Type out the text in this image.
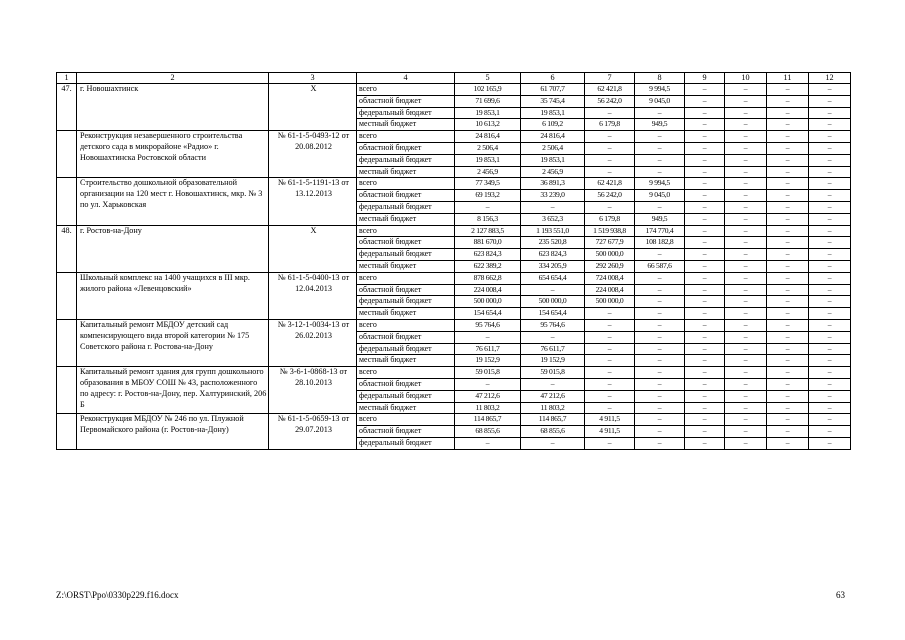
1	2	3	4	5	6	7	8	9	10	11	12
47.	г. Новошахтинск	Х	всего	102 165,9	61 707,7	62 421,8	9 994,5	–	–	–	–
			областной бюджет	71 699,6	35 745,4	56 242,0	9 045,0	–	–	–	–
			федеральный бюджет	19 853,1	19 853,1	–	–	–	–	–	–
			местный бюджет	10 613,2	6 109,2	6 179,8	949,5	–	–	–	–
	Реконструкция незавершенного строительства детского сада в микрорайоне «Радио» г. Новошахтинска Ростовской области	№ 61-1-5-0493-12 от 20.08.2012	всего	24 816,4	24 816,4	–	–	–	–	–	–
			областной бюджет	2 506,4	2 506,4	–	–	–	–	–	–
			федеральный бюджет	19 853,1	19 853,1	–	–	–	–	–	–
			местный бюджет	2 456,9	2 456,9	–	–	–	–	–	–
	Строительство дошкольной образовательной организации на 120 мест г. Новошахтинск, мкр. № 3 по ул. Харьковская	№ 61-1-5-1191-13 от 13.12.2013	всего	77 349,5	36 891,3	62 421,8	9 994,5	–	–	–	–
			областной бюджет	69 193,2	33 239,0	56 242,0	9 045,0	–	–	–	–
			федеральный бюджет	–	–	–	–	–	–	–	–
			местный бюджет	8 156,3	3 652,3	6 179,8	949,5	–	–	–	–
48.	г. Ростов-на-Дону	Х	всего	2 127 883,5	1 193 551,0	1 519 938,8	174 770,4	–	–	–	–
			областной бюджет	881 670,0	235 520,8	727 677,9	108 182,8	–	–	–	–
			федеральный бюджет	623 824,3	623 824,3	500 000,0	–	–	–	–	–
			местный бюджет	622 389,2	334 205,9	292 260,9	66 587,6	–	–	–	–
	Школьный комплекс на 1400 учащихся в III мкр. жилого района «Левенцовский»	№ 61-1-5-0400-13 от 12.04.2013	всего	878 662,8	654 654,4	724 008,4	–	–	–	–	–
			областной бюджет	224 008,4	–	224 008,4	–	–	–	–	–
			федеральный бюджет	500 000,0	500 000,0	500 000,0	–	–	–	–	–
			местный бюджет	154 654,4	154 654,4	–	–	–	–	–	–
	Капитальный ремонт МБДОУ детский сад компенсирующего вида второй категории № 175 Советского района г. Ростова-на-Дону	№ 3-12-1-0034-13 от 26.02.2013	всего	95 764,6	95 764,6	–	–	–	–	–	–
			областной бюджет	–	–	–	–	–	–	–	–
			федеральный бюджет	76 611,7	76 611,7	–	–	–	–	–	–
			местный бюджет	19 152,9	19 152,9	–	–	–	–	–	–
	Капитальный ремонт здания для групп дошкольного образования в МБОУ СОШ № 43, расположенного по адресу: г. Ростов-на-Дону, пер. Халтуринский, 206 Б	№ 3-6-1-0868-13 от 28.10.2013	всего	59 015,8	59 015,8	–	–	–	–	–	–
			областной бюджет	–	–	–	–	–	–	–	–
			федеральный бюджет	47 212,6	47 212,6	–	–	–	–	–	–
			местный бюджет	11 803,2	11 803,2	–	–	–	–	–	–
	Реконструкция МБДОУ № 246 по ул. Плужной Первомайского района (г. Ростов-на-Дону)	№ 61-1-5-0659-13 от 29.07.2013	всего	114 865,7	114 865,7	4 911,5	–	–	–	–	–
			областной бюджет	68 855,6	68 855,6	4 911,5	–	–	–	–	–
			федеральный бюджет	–	–	–	–	–	–	–	–
Z:\ORST\Ppo\0330p229.f16.docx	63
